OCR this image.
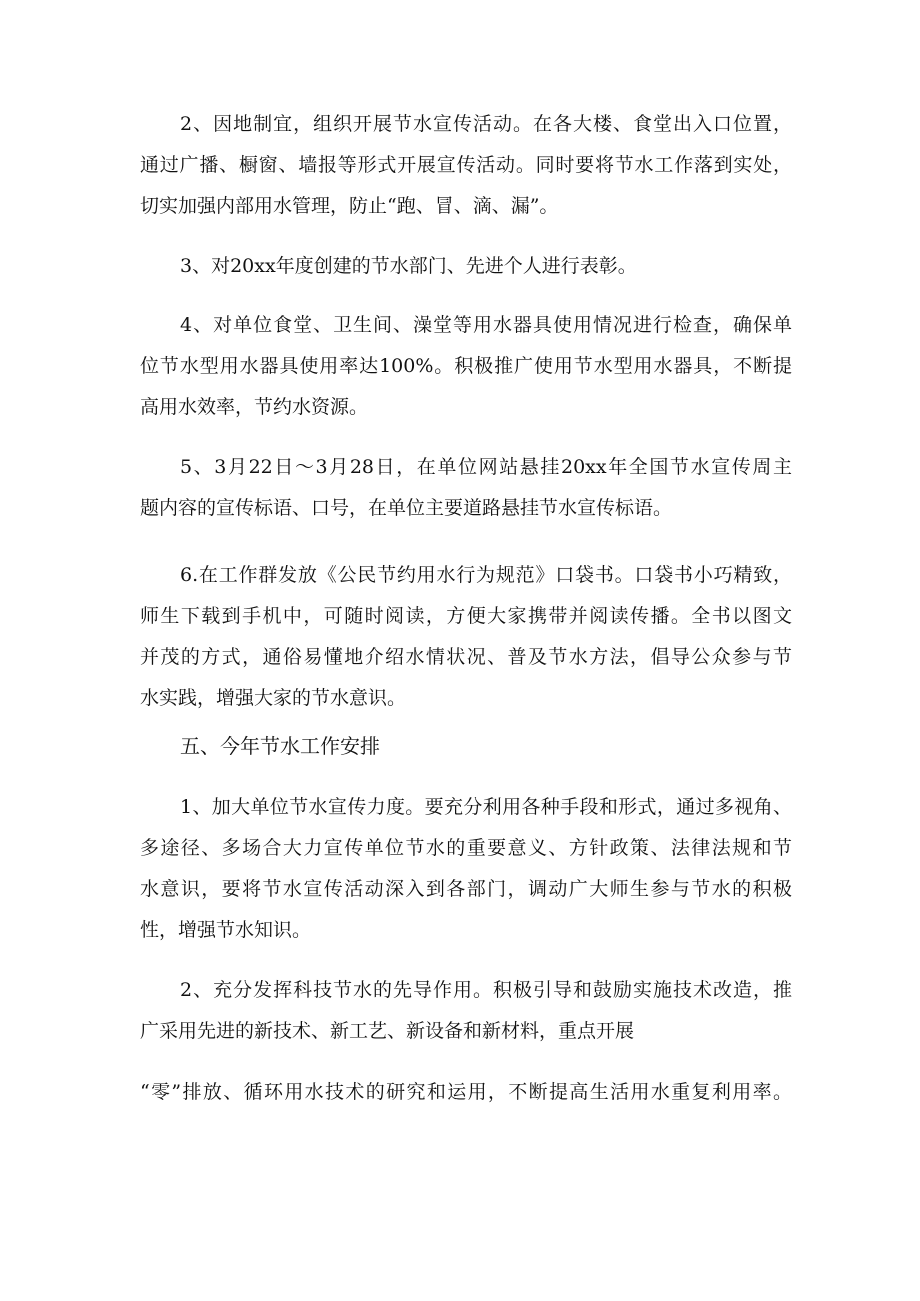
2、因地制宜，组织开展节水宣传活动。在各大楼、食堂出入口位置，

通过广播、橱窗、墙报等形式开展宣传活动。同时要将节水工作落到实处，

切实加强内部用水管理，防止“跑、冒、滴、漏”。

3、对20xx年度创建的节水部门、先进个人进行表彰。

4、对单位食堂、卫生间、澡堂等用水器具使用情况进行检查，确保单

位节水型用水器具使用率达100%。积极推广使用节水型用水器具，不断提

高用水效率，节约水资源。

5、3月22日～3月28日，在单位网站悬挂20xx年全国节水宣传周主

题内容的宣传标语、口号，在单位主要道路悬挂节水宣传标语。

6.在工作群发放《公民节约用水行为规范》口袋书。口袋书小巧精致，

师生下载到手机中，可随时阅读，方便大家携带并阅读传播。全书以图文

并茂的方式，通俗易懂地介绍水情状况、普及节水方法，倡导公众参与节

水实践，增强大家的节水意识。

五、今年节水工作安排

1、加大单位节水宣传力度。要充分利用各种手段和形式，通过多视角、

多途径、多场合大力宣传单位节水的重要意义、方针政策、法律法规和节

水意识，要将节水宣传活动深入到各部门，调动广大师生参与节水的积极

性，增强节水知识。

2、充分发挥科技节水的先导作用。积极引导和鼓励实施技术改造，推

广采用先进的新技术、新工艺、新设备和新材料，重点开展

“零”排放、循环用水技术的研究和运用，不断提高生活用水重复利用率。
